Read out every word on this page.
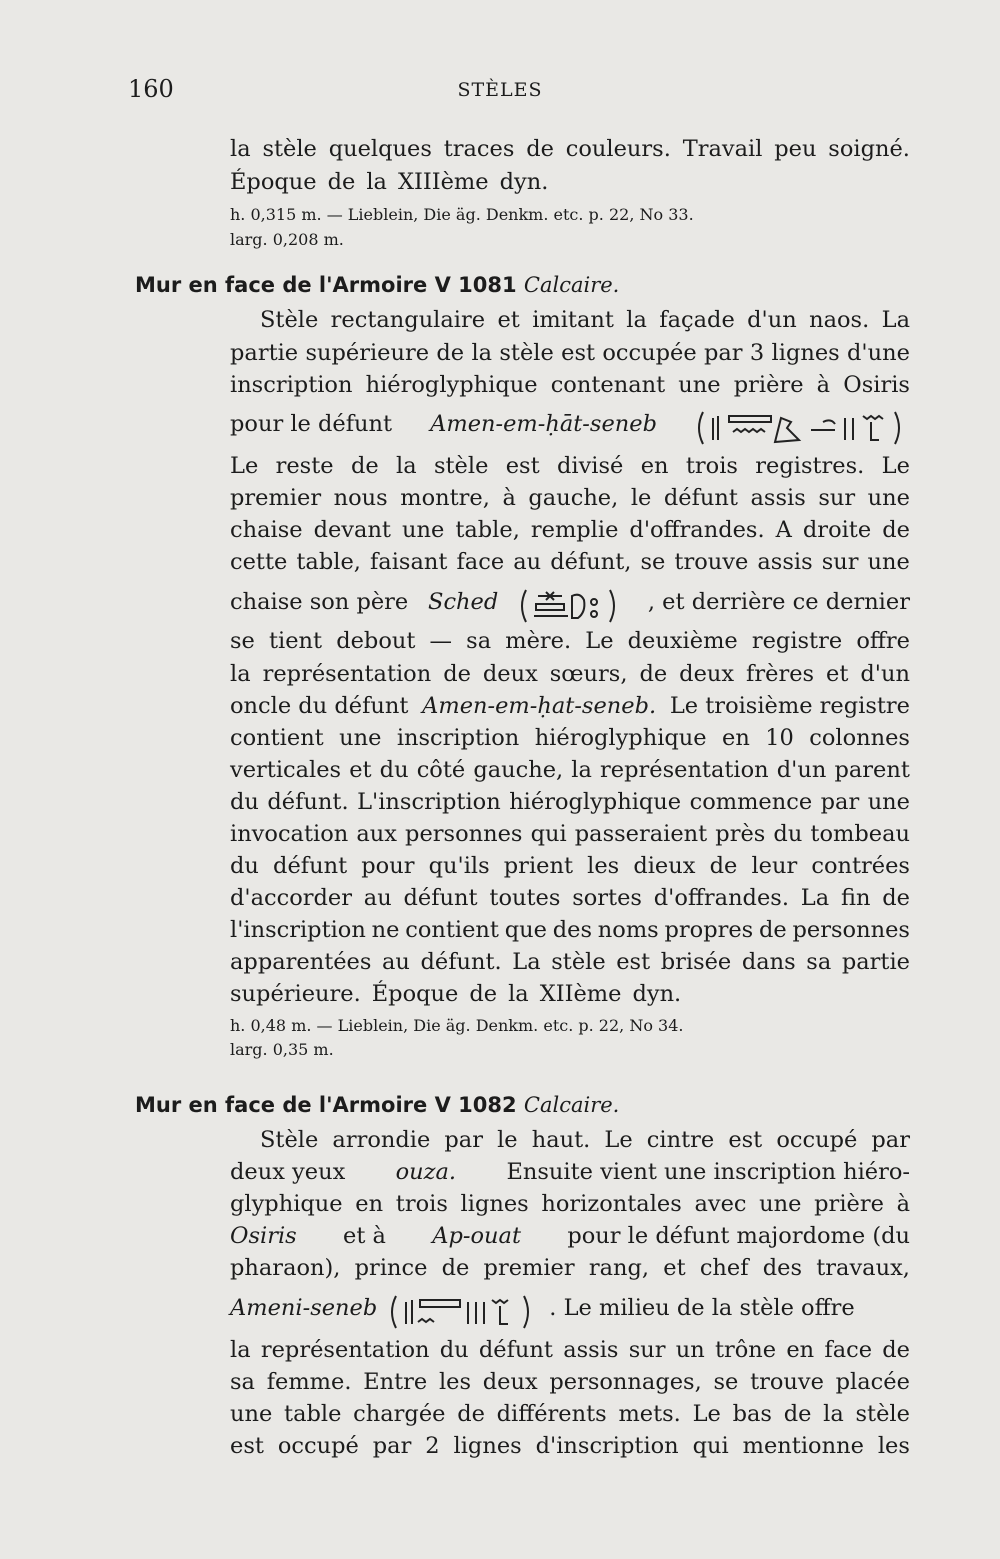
160	STÈLES
la stèle quelques traces de couleurs. Travail peu soigné.
Époque de la XIIIème dyn.
h. 0,315 m. — Lieblein, Die äg. Denkm. etc. p. 22, No 33.
larg. 0,208 m.
Mur en face de l'Armoire V 1081 Calcaire.
Stèle rectangulaire et imitant la façade d'un naos. La
partie supérieure de la stèle est occupée par 3 lignes d'une
inscription hiéroglyphique contenant une prière à Osiris
pour le défunt Amen-em-ḥāt-seneb
Le reste de la stèle est divisé en trois registres. Le
premier nous montre, à gauche, le défunt assis sur une
chaise devant une table, remplie d'offrandes. A droite de
cette table, faisant face au défunt, se trouve assis sur une
chaise son père Sched	, et derrière ce dernier
se tient debout — sa mère. Le deuxième registre offre
la représentation de deux sœurs, de deux frères et d'un
oncle du défunt Amen-em-ḥat-seneb. Le troisième registre
contient une inscription hiéroglyphique en 10 colonnes
verticales et du côté gauche, la représentation d'un parent
du défunt. L'inscription hiéroglyphique commence par une
invocation aux personnes qui passeraient près du tombeau
du défunt pour qu'ils prient les dieux de leur contrées
d'accorder au défunt toutes sortes d'offrandes. La fin de
l'inscription ne contient que des noms propres de personnes
apparentées au défunt. La stèle est brisée dans sa partie
supérieure. Époque de la XIIème dyn.
h. 0,48 m. — Lieblein, Die äg. Denkm. etc. p. 22, No 34.
larg. 0,35 m.
Mur en face de l'Armoire V 1082 Calcaire.
Stèle arrondie par le haut. Le cintre est occupé par
deux yeux ouza. Ensuite vient une inscription hiéro-
glyphique en trois lignes horizontales avec une prière à
Osiris et à Ap-ouat pour le défunt majordome (du
pharaon), prince de premier rang, et chef des travaux,
Ameni-seneb	. Le milieu de la stèle offre
la représentation du défunt assis sur un trône en face de
sa femme. Entre les deux personnages, se trouve placée
une table chargée de différents mets. Le bas de la stèle
est occupé par 2 lignes d'inscription qui mentionne les
